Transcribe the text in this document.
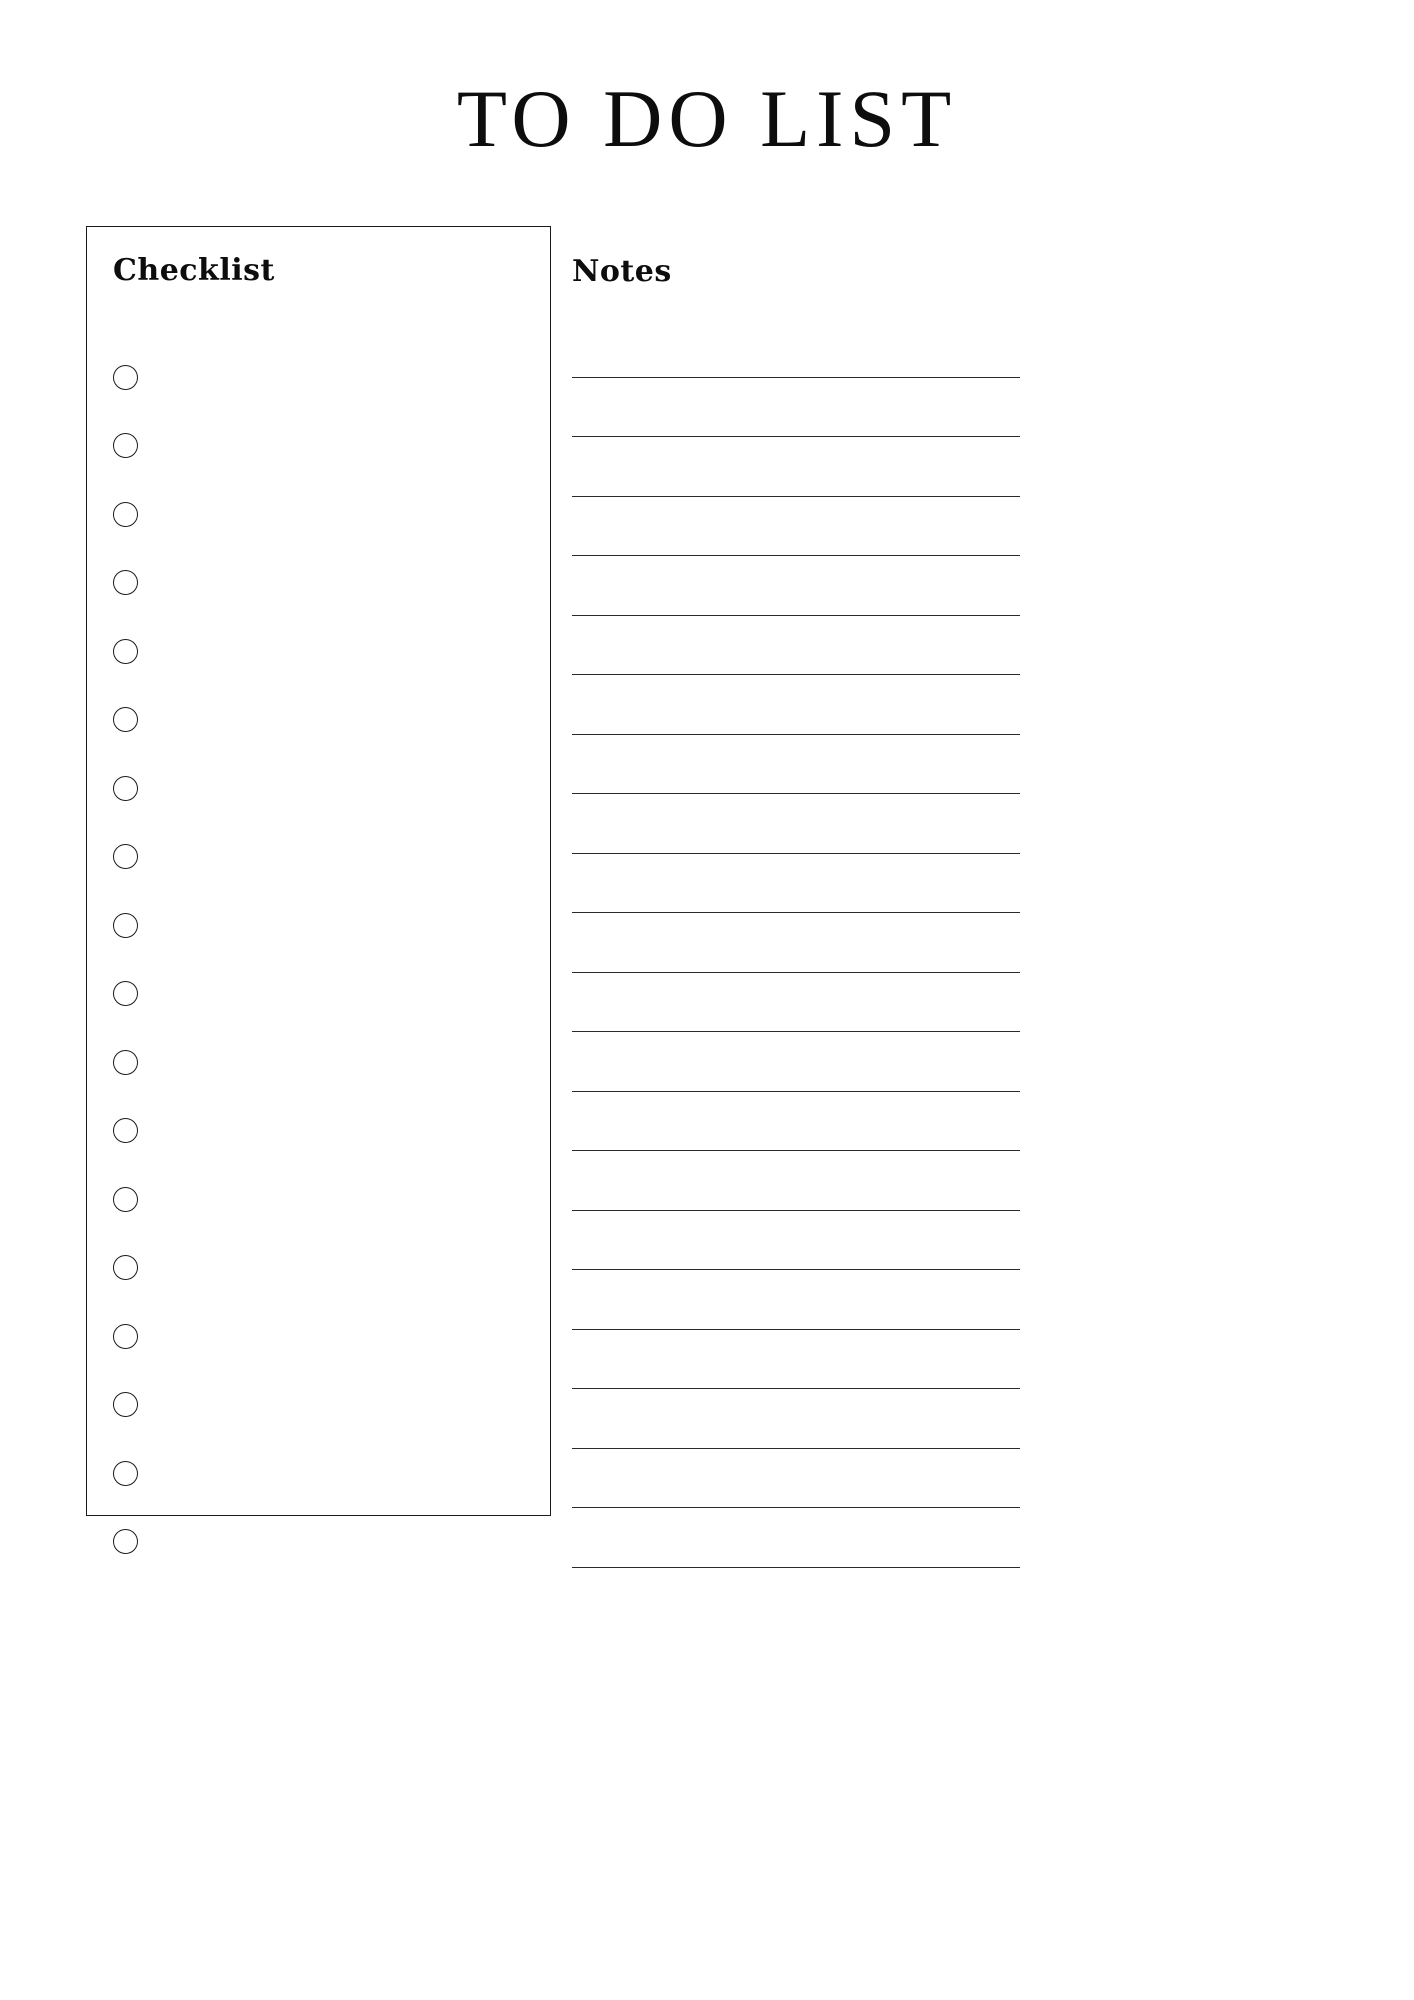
TO DO LIST
Checklist	Notes
